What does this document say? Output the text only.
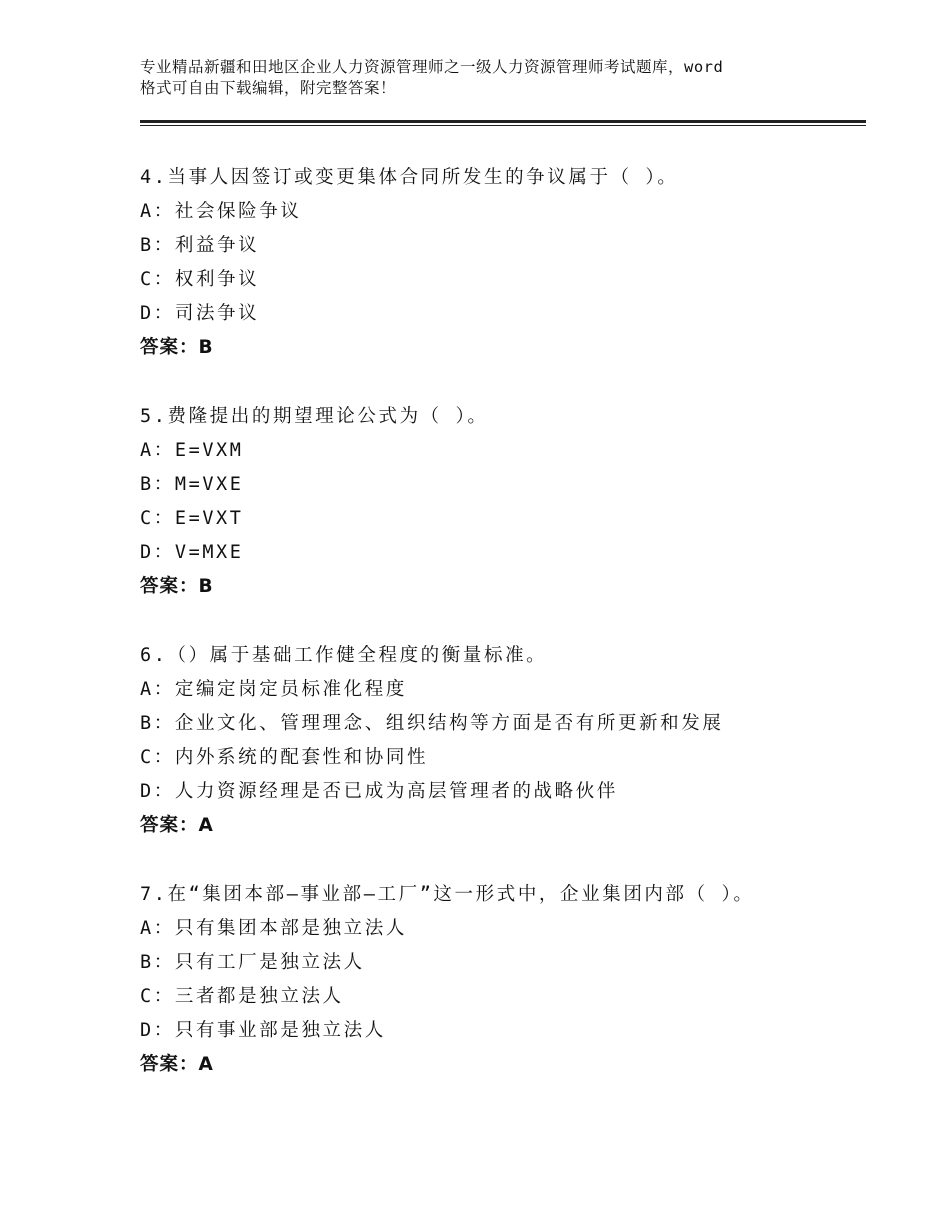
专业精品新疆和田地区企业人力资源管理师之一级人力资源管理师考试题库，word
格式可自由下载编辑，附完整答案！
4.当事人因签订或变更集体合同所发生的争议属于（ ）。
A：社会保险争议
B：利益争议
C：权利争议
D：司法争议
答案：B
5.费隆提出的期望理论公式为（ ）。
A：E=VXM
B：M=VXE
C：E=VXT
D：V=MXE
答案：B
6.（）属于基础工作健全程度的衡量标准。
A：定编定岗定员标准化程度
B：企业文化、管理理念、组织结构等方面是否有所更新和发展
C：内外系统的配套性和协同性
D：人力资源经理是否已成为高层管理者的战略伙伴
答案：A
7.在“集团本部—事业部—工厂”这一形式中，企业集团内部（ ）。
A：只有集团本部是独立法人
B：只有工厂是独立法人
C：三者都是独立法人
D：只有事业部是独立法人
答案：A
